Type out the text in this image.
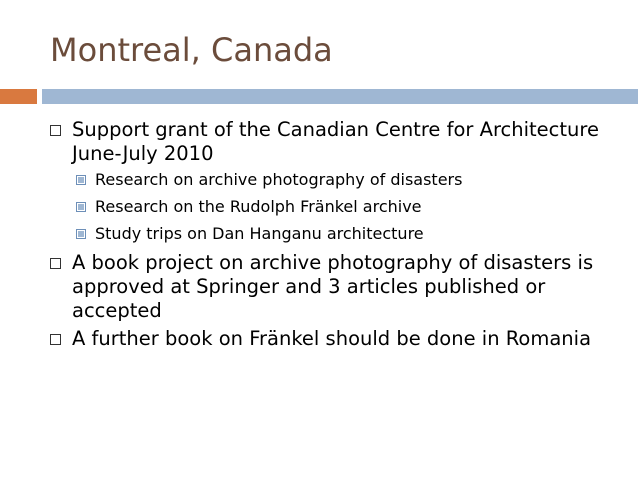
Montreal, Canada
Support grant of the Canadian Centre for Architecture June-July 2010
Research on archive photography of disasters
Research on the Rudolph Fränkel archive
Study trips on Dan Hanganu architecture
A book project on archive photography of disasters is approved at Springer and 3 articles published or accepted
A further book on Fränkel should be done in Romania
